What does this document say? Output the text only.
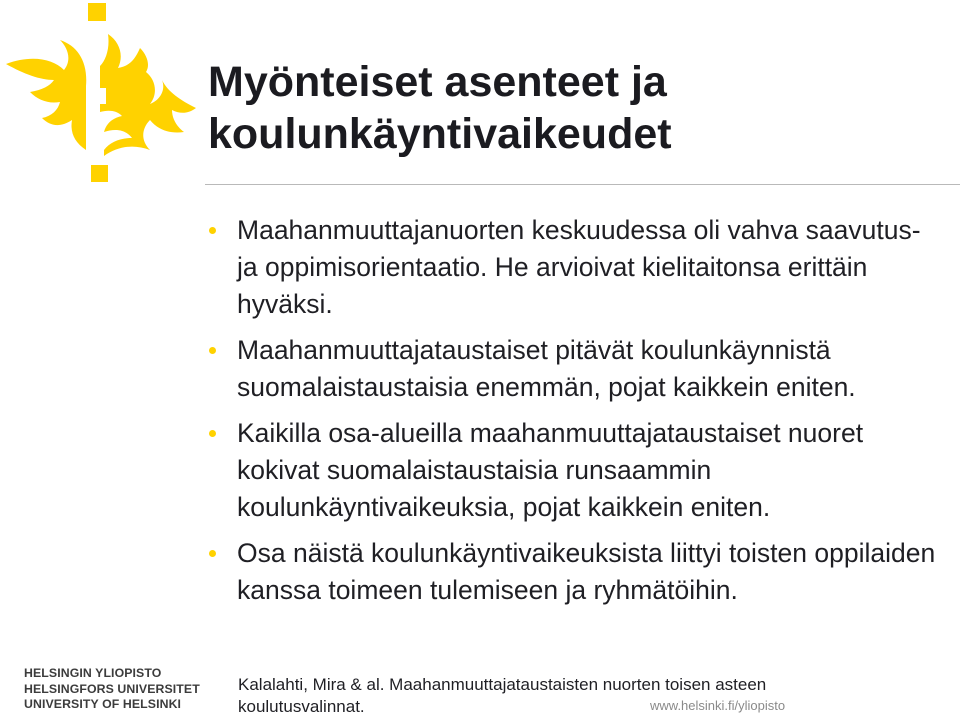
Myönteiset asenteet ja
koulunkäyntivaikeudet
Maahanmuuttajanuorten keskuudessa oli vahva saavutus- ja oppimisorientaatio. He arvioivat kielitaitonsa erittäin hyväksi.
Maahanmuuttajataustaiset pitävät koulunkäynnistä suomalaistaustaisia enemmän, pojat kaikkein eniten.
Kaikilla osa-alueilla maahanmuuttajataustaiset nuoret kokivat suomalaistaustaisia runsaammin koulunkäyntivaikeuksia, pojat kaikkein eniten.
Osa näistä koulunkäyntivaikeuksista liittyi toisten oppilaiden kanssa toimeen tulemiseen ja ryhmätöihin.
HELSINGIN YLIOPISTO
HELSINGFORS UNIVERSITET
UNIVERSITY OF HELSINKI
Kalalahti, Mira & al. Maahanmuuttajataustaisten nuorten toisen asteen koulutusvalinnat.	www.helsinki.fi/yliopisto
